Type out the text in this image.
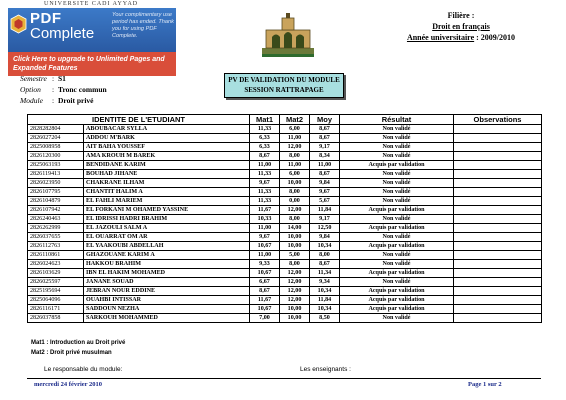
UNIVERSITE CADI AYYAD
PDF
Complete
Your complimentary use period has ended. Thank you for using PDF Complete.
Click Here to upgrade to Unlimited Pages and Expanded Features
Filière :
Droit en français
Année universitaire : 2009/2010
Semestre : S1
Option	: Tronc commun
Module	: Droit privé
PV DE VALIDATION DU MODULE
SESSION RATTRAPAGE
IDENTITE DE L'ETUDIANT		Mat1	Mat2	Moy	Résultat	Observations
2828282804	ABOUBACAR SYLLA	11,33	6,00	8,67	Non validé	
2826027204	ADDOU M'BARK	6,33	11,00	8,67	Non validé	
2825008958	AIT BAHA YOUSSEF	6,33	12,00	9,17	Non validé	
2826120300	AMA KROUH M BAREK	8,67	8,00	8,34	Non validé	
2825063193	BENDIDANE KARIM	11,00	11,00	11,00	Acquis par validation	
2826119413	BOUHAD JIHANE	11,33	6,00	8,67	Non validé	
2826023950	CHAKRANE ILHAM	9,67	10,00	9,84	Non validé	
2826107795	CHANTIT HALIM A	11,33	8,00	9,67	Non validé	
2826104879	EL FAHLI MARIEM	11,33	0,00	5,67	Non validé	
2826107942	EL FORKANI M OHAMED YASSINE	11,67	12,00	11,84	Acquis par validation	
2826240463	EL IDRISSI HADRI BRAHIM	10,33	8,00	9,17	Non validé	
2826262999	EL JAZOULI SALM A	11,00	14,00	12,50	Acquis par validation	
2826037655	EL OUARRAT OM AR	9,67	10,00	9,84	Non validé	
2826112763	EL YAAKOUBI ABDELLAH	10,67	10,00	10,34	Acquis par validation	
2826110861	GHAZOUANE KARIM A	11,00	5,00	8,00	Non validé	
2826024623	HAKKOU BRAHIM	9,33	8,00	8,67	Non validé	
2826103629	IBN EL HAKIM MOHAMED	10,67	12,00	11,34	Acquis par validation	
2826025597	JANANE SOUAD	6,67	12,00	9,34	Non validé	
2825195694	JEBRAN NOUR EDDINE	8,67	12,00	10,34	Acquis par validation	
2825064096	OUAHBI INTISSAR	11,67	12,00	11,84	Acquis par validation	
2826116171	SADDOUN NEZHA	10,67	10,00	10,34	Acquis par validation	
2826037858	SARKOUH MOHAMMED	7,00	10,00	8,50	Non validé	
Mat1 : Introduction au Droit privé
Mat2 : Droit privé musulman
Le responsable du module:	Les enseignants :
mercredi 24 février 2010	Page 1 sur 2
